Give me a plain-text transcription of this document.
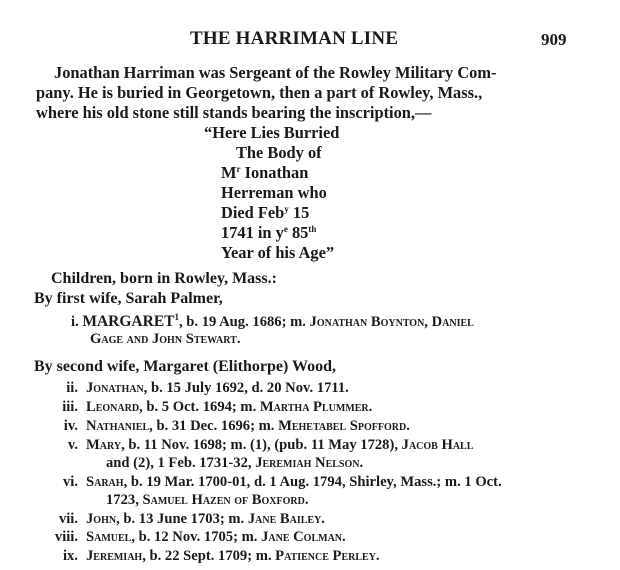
THE HARRIMAN LINE	909
Jonathan Harriman was Sergeant of the Rowley Military Com-
pany. He is buried in Georgetown, then a part of Rowley, Mass.,
where his old stone still stands bearing the inscription,—
“Here Lies Burried
The Body of
$M^r$ Ionathan
Herreman who
Died Feb$^y$ 15
1741 in $y^e$ 85th
Year of his Age”
Children, born in Rowley, Mass.:
By first wife, Sarah Palmer,
i. MARGARET$^1$, b. 19 Aug. 1686; m. Jonathan Boynton, Daniel
Gage and John Stewart.
By second wife, Margaret (Elithorpe) Wood,
ii. Jonathan, b. 15 July 1692, d. 20 Nov. 1711.
iii. Leonard, b. 5 Oct. 1694; m. Martha Plummer.
iv. Nathaniel, b. 31 Dec. 1696; m. Mehetabel Spofford.
v. Mary, b. 11 Nov. 1698; m. (1), (pub. 11 May 1728), Jacob Hall
and (2), 1 Feb. 1731-32, Jeremiah Nelson.
vi. Sarah, b. 19 Mar. 1700-01, d. 1 Aug. 1794, Shirley, Mass.; m. 1 Oct.
1723, Samuel Hazen of Boxford.
vii. John, b. 13 June 1703; m. Jane Bailey.
viii. Samuel, b. 12 Nov. 1705; m. Jane Colman.
ix. Jeremiah, b. 22 Sept. 1709; m. Patience Perley.
